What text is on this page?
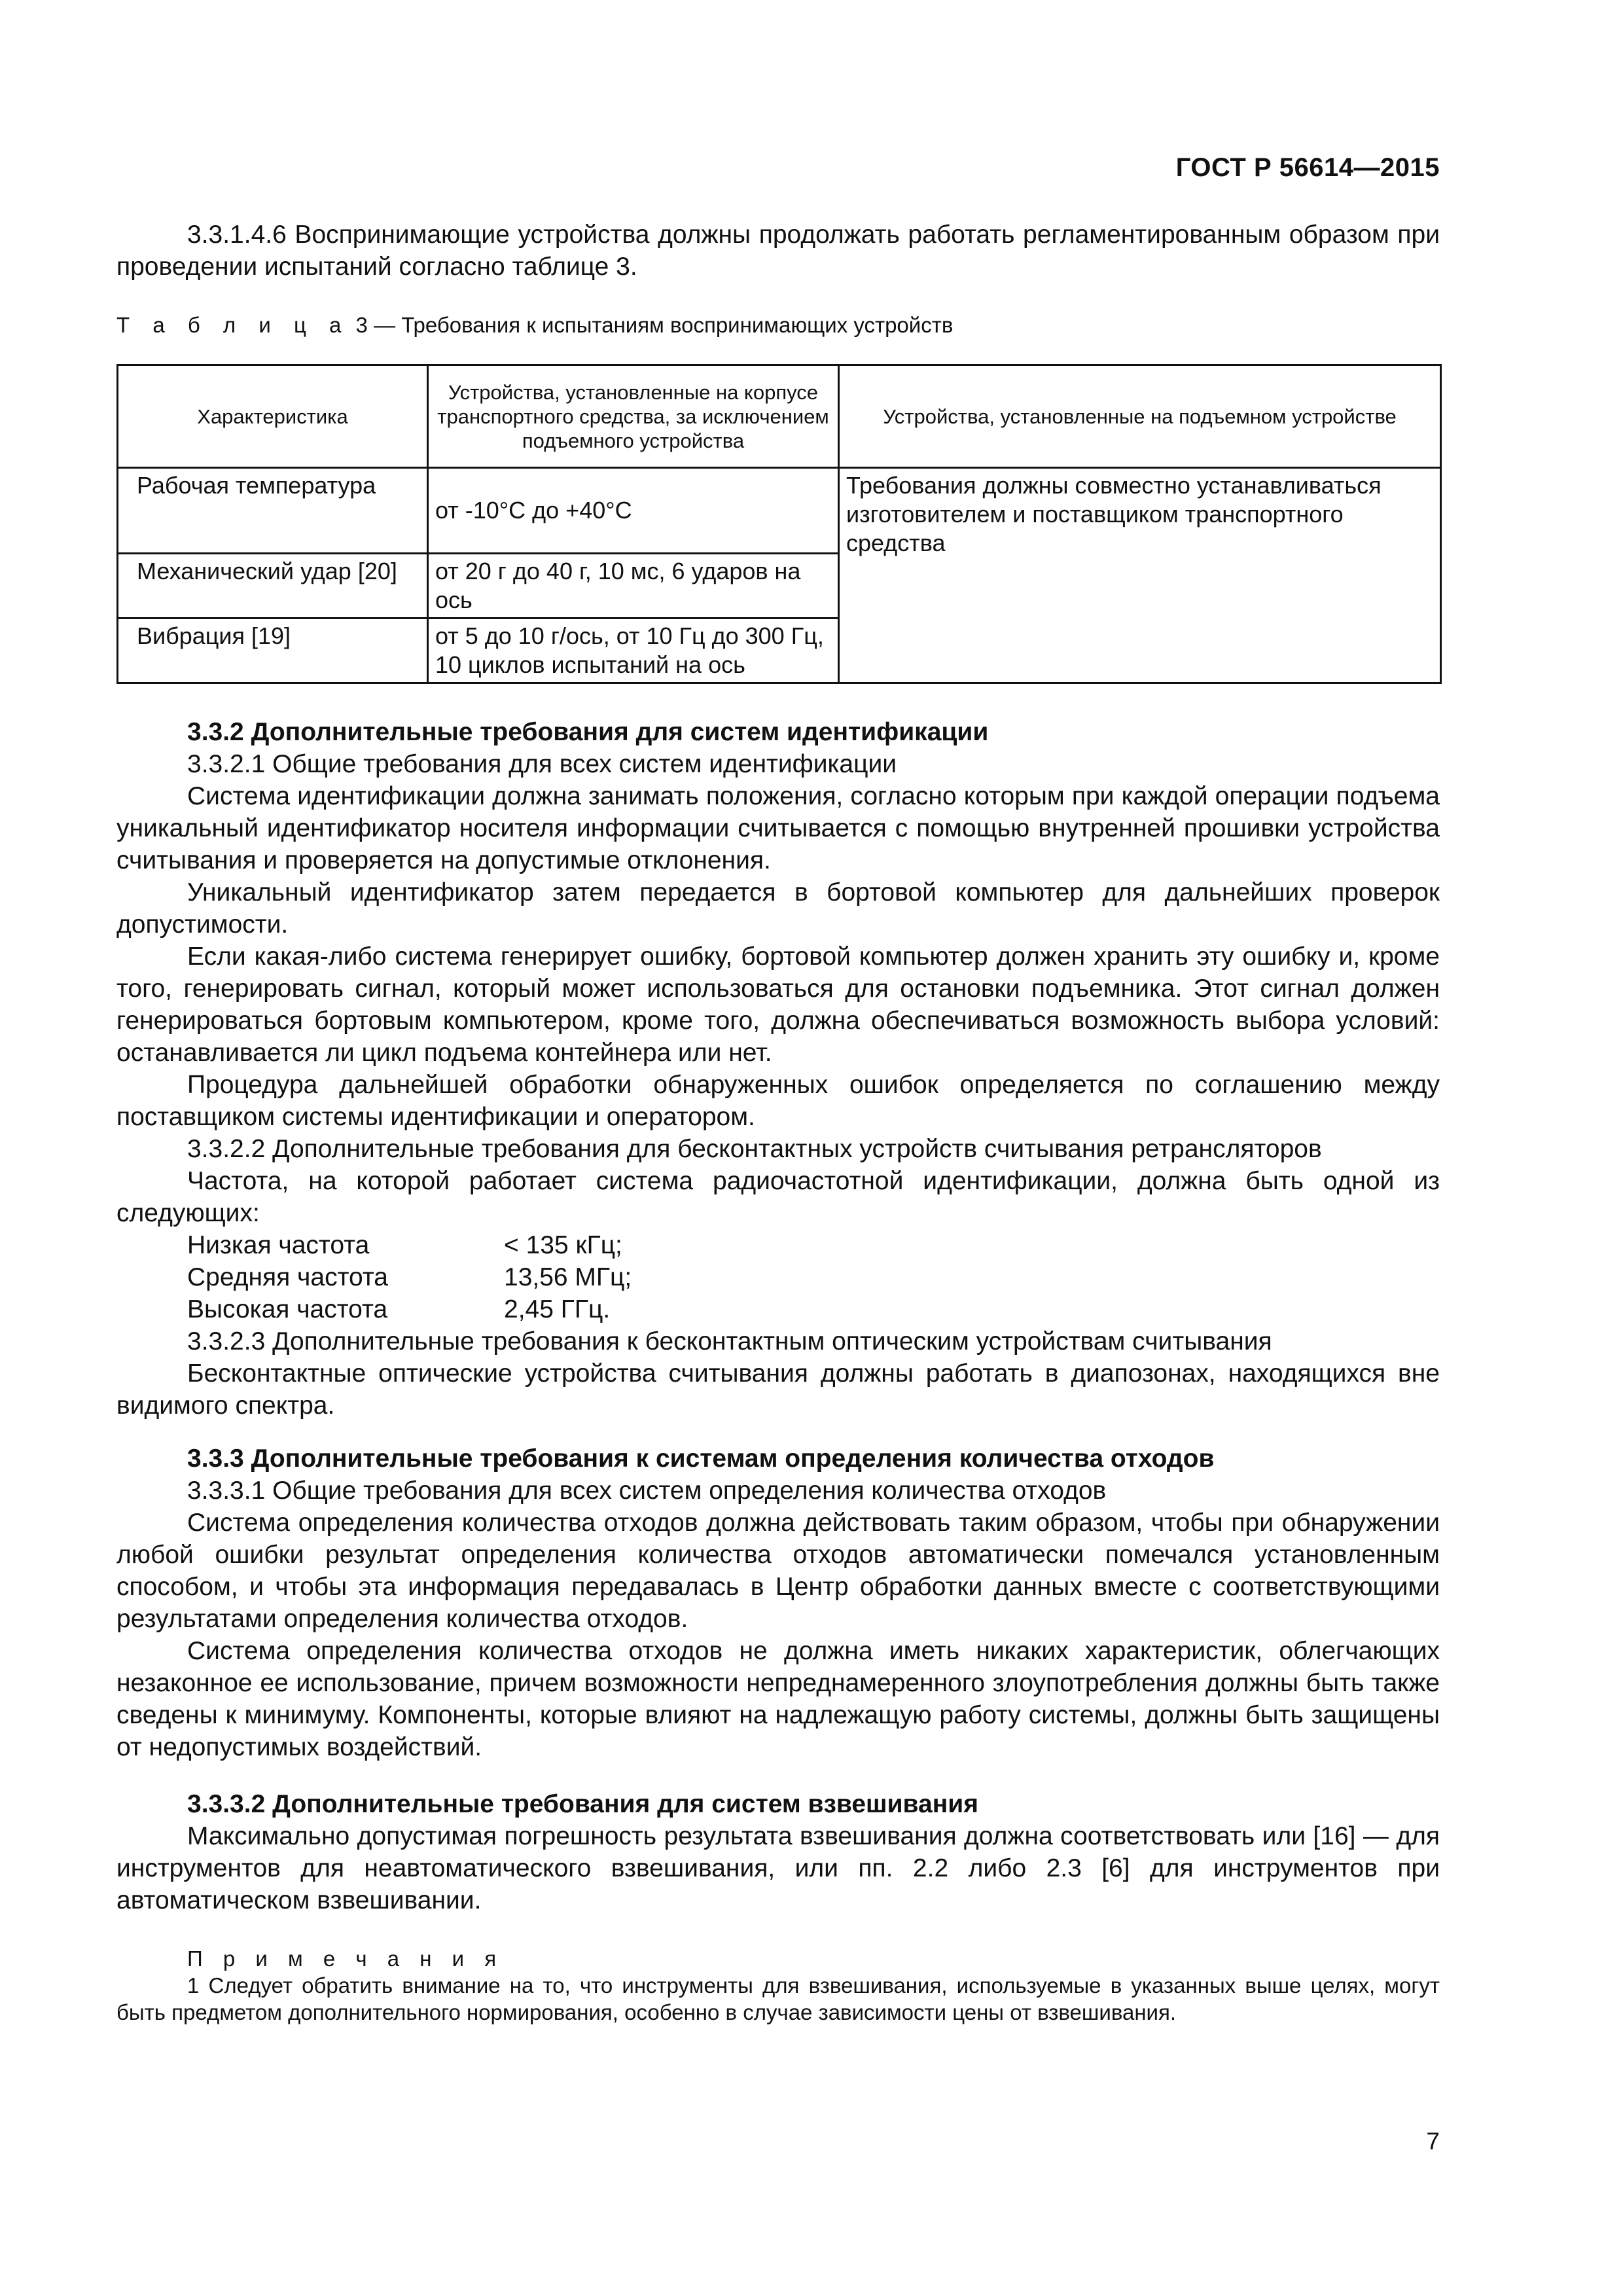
ГОСТ Р 56614—2015

3.3.1.4.6 Воспринимающие устройства должны продолжать работать регламентированным образом при проведении испытаний согласно таблице 3.

Т а б л и ц а 3 — Требования к испытаниям воспринимающих устройств
Характеристика	Устройства, установленные на корпусе транспортного средства, за исключением подъемного устройства	Устройства, установленные на подъемном устройстве
Рабочая температура	от -10°С до +40°С	Требования должны совместно устанавливаться изготовителем и поставщиком транспортного средства
Механический удар [20]	от 20 г до 40 г, 10 мс, 6 ударов на ось	
Вибрация [19]	от 5 до 10 г/ось, от 10 Гц до 300 Гц, 10 циклов испытаний на ось	

3.3.2 Дополнительные требования для систем идентификации

3.3.2.1 Общие требования для всех систем идентификации

Система идентификации должна занимать положения, согласно которым при каждой операции подъема уникальный идентификатор носителя информации считывается с помощью внутренней прошивки устройства считывания и проверяется на допустимые отклонения.

Уникальный идентификатор затем передается в бортовой компьютер для дальнейших проверок допустимости.

Если какая-либо система генерирует ошибку, бортовой компьютер должен хранить эту ошибку и, кроме того, генерировать сигнал, который может использоваться для остановки подъемника. Этот сигнал должен генерироваться бортовым компьютером, кроме того, должна обеспечиваться возможность выбора условий: останавливается ли цикл подъема контейнера или нет.

Процедура дальнейшей обработки обнаруженных ошибок определяется по соглашению между поставщиком системы идентификации и оператором.

3.3.2.2 Дополнительные требования для бесконтактных устройств считывания ретрансляторов

Частота, на которой работает система радиочастотной идентификации, должна быть одной из следующих:

Низкая частота	< 135 кГц;
Средняя частота	13,56 МГц;
Высокая частота	2,45 ГГц.

3.3.2.3 Дополнительные требования к бесконтактным оптическим устройствам считывания

Бесконтактные оптические устройства считывания должны работать в диапозонах, находящихся вне видимого спектра.

3.3.3 Дополнительные требования к системам определения количества отходов

3.3.3.1 Общие требования для всех систем определения количества отходов

Система определения количества отходов должна действовать таким образом, чтобы при обнаружении любой ошибки результат определения количества отходов автоматически помечался установленным способом, и чтобы эта информация передавалась в Центр обработки данных вместе с соответствующими результатами определения количества отходов.

Система определения количества отходов не должна иметь никаких характеристик, облегчающих незаконное ее использование, причем возможности непреднамеренного злоупотребления должны быть также сведены к минимуму. Компоненты, которые влияют на надлежащую работу системы, должны быть защищены от недопустимых воздействий.

3.3.3.2 Дополнительные требования для систем взвешивания

Максимально допустимая погрешность результата взвешивания должна соответствовать или [16] — для инструментов для неавтоматического взвешивания, или пп. 2.2 либо 2.3 [6] для инструментов при автоматическом взвешивании.

П р и м е ч а н и я

1 Следует обратить внимание на то, что инструменты для взвешивания, используемые в указанных выше целях, могут быть предметом дополнительного нормирования, особенно в случае зависимости цены от взвешивания.

7
